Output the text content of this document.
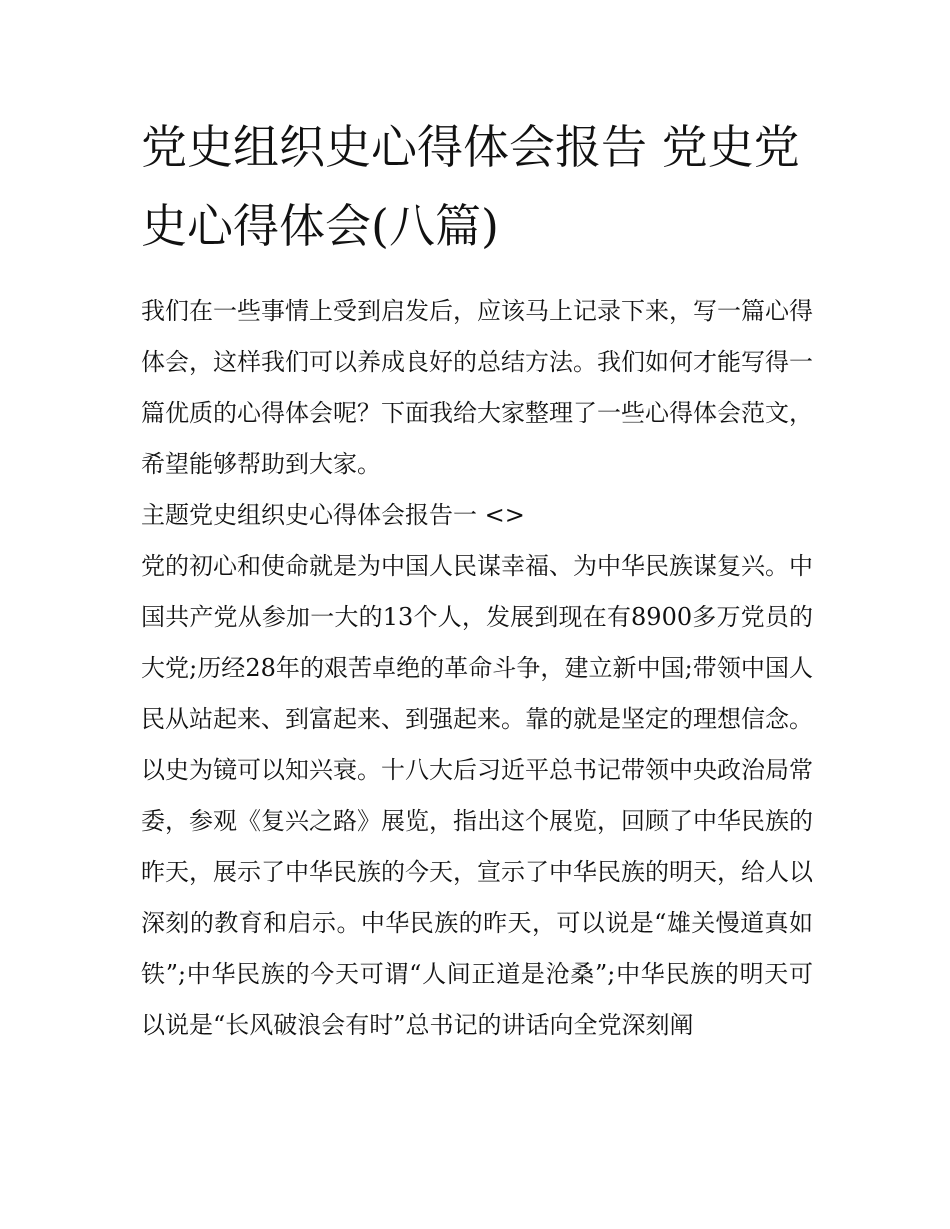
党史组织史心得体会报告 党史党史心得体会(八篇)

我们在一些事情上受到启发后，应该马上记录下来，写一篇心得体会，这样我们可以养成良好的总结方法。我们如何才能写得一篇优质的心得体会呢？下面我给大家整理了一些心得体会范文，希望能够帮助到大家。

主题党史组织史心得体会报告一 <>

党的初心和使命就是为中国人民谋幸福、为中华民族谋复兴。中国共产党从参加一大的13个人，发展到现在有8900多万党员的大党;历经28年的艰苦卓绝的革命斗争，建立新中国;带领中国人民从站起来、到富起来、到强起来。靠的就是坚定的理想信念。

以史为镜可以知兴衰。十八大后习近平总书记带领中央政治局常委，参观《复兴之路》展览，指出这个展览，回顾了中华民族的昨天，展示了中华民族的今天，宣示了中华民族的明天，给人以深刻的教育和启示。中华民族的昨天，可以说是“雄关慢道真如铁”;中华民族的今天可谓“人间正道是沧桑”;中华民族的明天可以说是“长风破浪会有时”总书记的讲话向全党深刻阐
